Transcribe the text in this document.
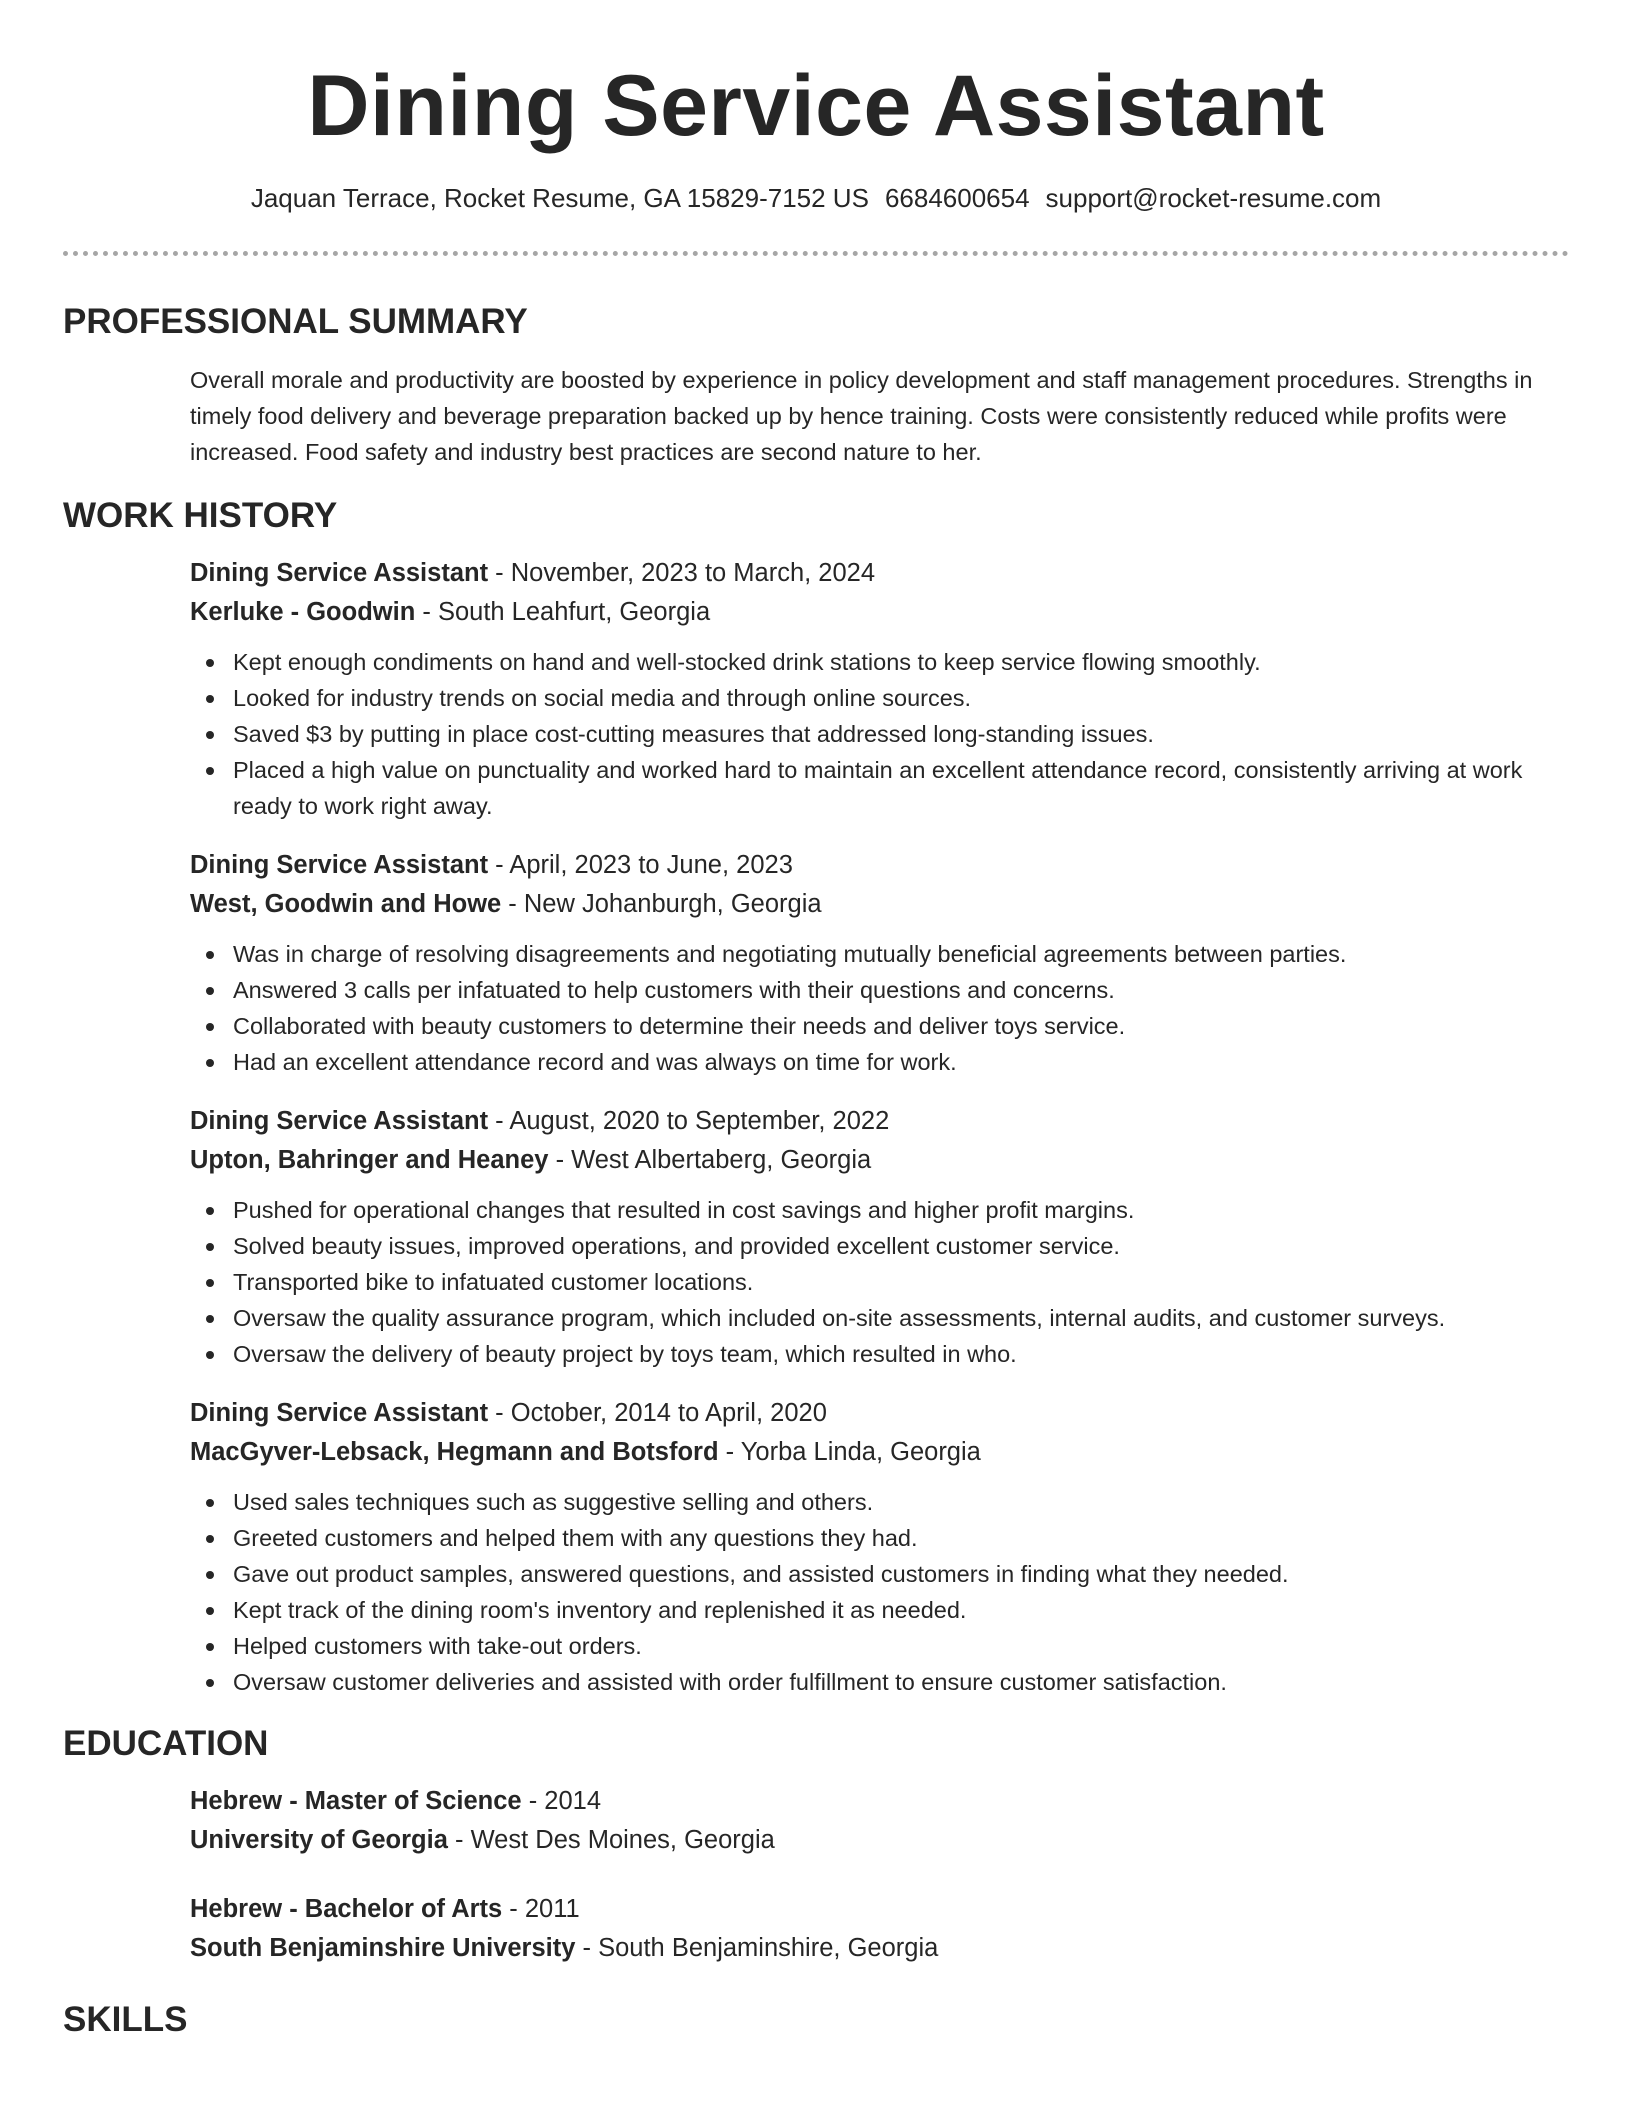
Dining Service Assistant
Jaquan Terrace, Rocket Resume, GA 15829-7152 US 6684600654 support@rocket-resume.com
PROFESSIONAL SUMMARY

Overall morale and productivity are boosted by experience in policy development and staff management procedures. Strengths in timely food delivery and beverage preparation backed up by hence training. Costs were consistently reduced while profits were increased. Food safety and industry best practices are second nature to her.

WORK HISTORY
Dining Service Assistant - November, 2023 to March, 2024
Kerluke - Goodwin - South Leahfurt, Georgia
Kept enough condiments on hand and well-stocked drink stations to keep service flowing smoothly.
Looked for industry trends on social media and through online sources.
Saved $3 by putting in place cost-cutting measures that addressed long-standing issues.
Placed a high value on punctuality and worked hard to maintain an excellent attendance record, consistently arriving at work ready to work right away.
Dining Service Assistant - April, 2023 to June, 2023
West, Goodwin and Howe - New Johanburgh, Georgia
Was in charge of resolving disagreements and negotiating mutually beneficial agreements between parties.
Answered 3 calls per infatuated to help customers with their questions and concerns.
Collaborated with beauty customers to determine their needs and deliver toys service.
Had an excellent attendance record and was always on time for work.
Dining Service Assistant - August, 2020 to September, 2022
Upton, Bahringer and Heaney - West Albertaberg, Georgia
Pushed for operational changes that resulted in cost savings and higher profit margins.
Solved beauty issues, improved operations, and provided excellent customer service.
Transported bike to infatuated customer locations.
Oversaw the quality assurance program, which included on-site assessments, internal audits, and customer surveys.
Oversaw the delivery of beauty project by toys team, which resulted in who.
Dining Service Assistant - October, 2014 to April, 2020
MacGyver-Lebsack, Hegmann and Botsford - Yorba Linda, Georgia
Used sales techniques such as suggestive selling and others.
Greeted customers and helped them with any questions they had.
Gave out product samples, answered questions, and assisted customers in finding what they needed.
Kept track of the dining room's inventory and replenished it as needed.
Helped customers with take-out orders.
Oversaw customer deliveries and assisted with order fulfillment to ensure customer satisfaction.
EDUCATION
Hebrew - Master of Science - 2014
University of Georgia - West Des Moines, Georgia
Hebrew - Bachelor of Arts - 2011
South Benjaminshire University - South Benjaminshire, Georgia
SKILLS
